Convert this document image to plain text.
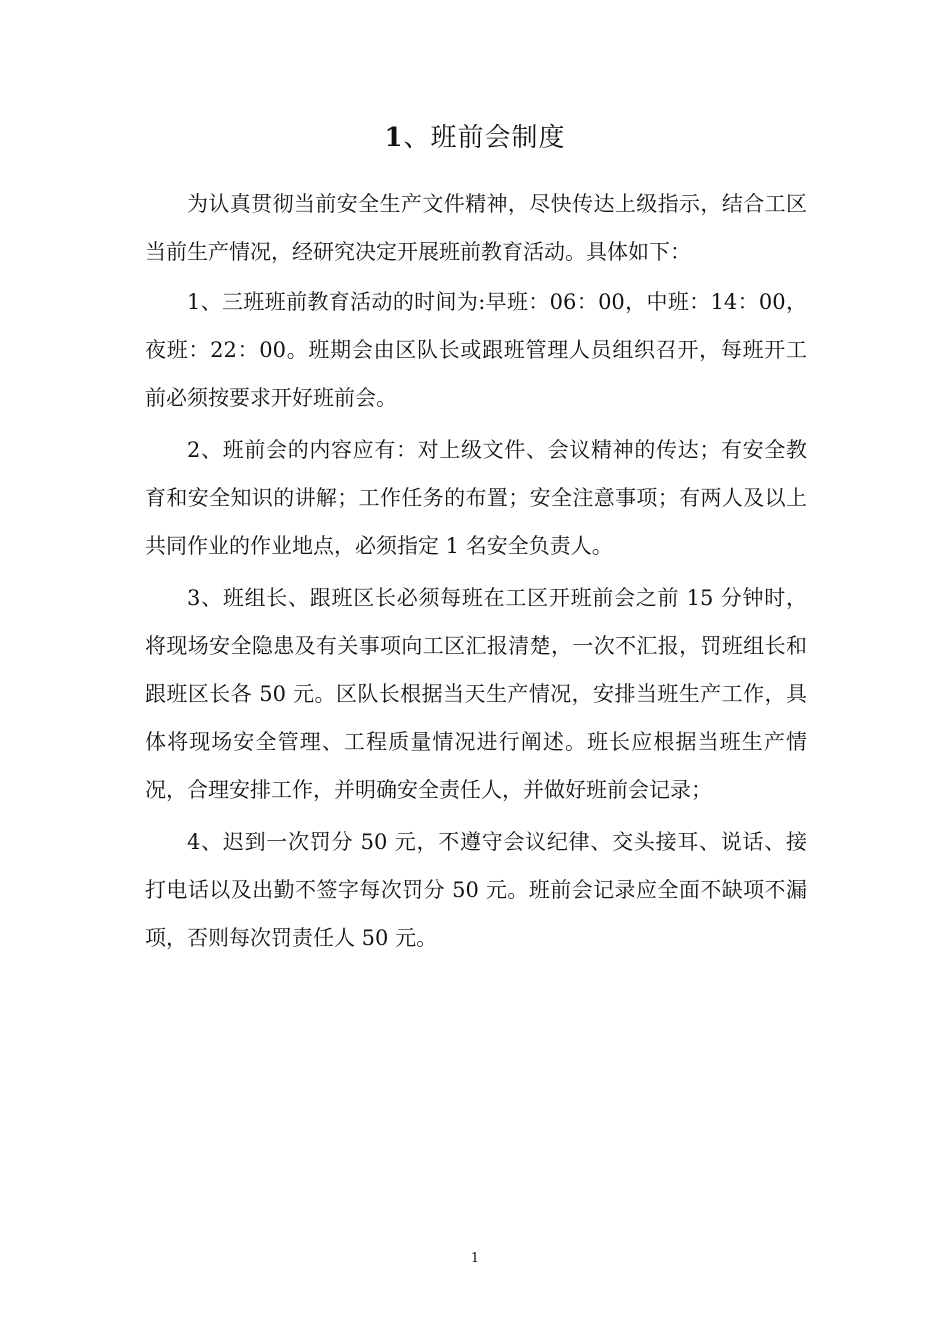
1、班前会制度

为认真贯彻当前安全生产文件精神，尽快传达上级指示，结合工区当前生产情况，经研究决定开展班前教育活动。具体如下：

1、三班班前教育活动的时间为:早班：06：00，中班：14：00，夜班：22：00。班期会由区队长或跟班管理人员组织召开，每班开工前必须按要求开好班前会。

2、班前会的内容应有：对上级文件、会议精神的传达；有安全教育和安全知识的讲解；工作任务的布置；安全注意事项；有两人及以上共同作业的作业地点，必须指定 1 名安全负责人。

3、班组长、跟班区长必须每班在工区开班前会之前 15 分钟时，将现场安全隐患及有关事项向工区汇报清楚，一次不汇报，罚班组长和跟班区长各 50 元。区队长根据当天生产情况，安排当班生产工作，具体将现场安全管理、工程质量情况进行阐述。班长应根据当班生产情况，合理安排工作，并明确安全责任人，并做好班前会记录；

4、迟到一次罚分 50 元，不遵守会议纪律、交头接耳、说话、接打电话以及出勤不签字每次罚分 50 元。班前会记录应全面不缺项不漏项，否则每次罚责任人 50 元。

1
